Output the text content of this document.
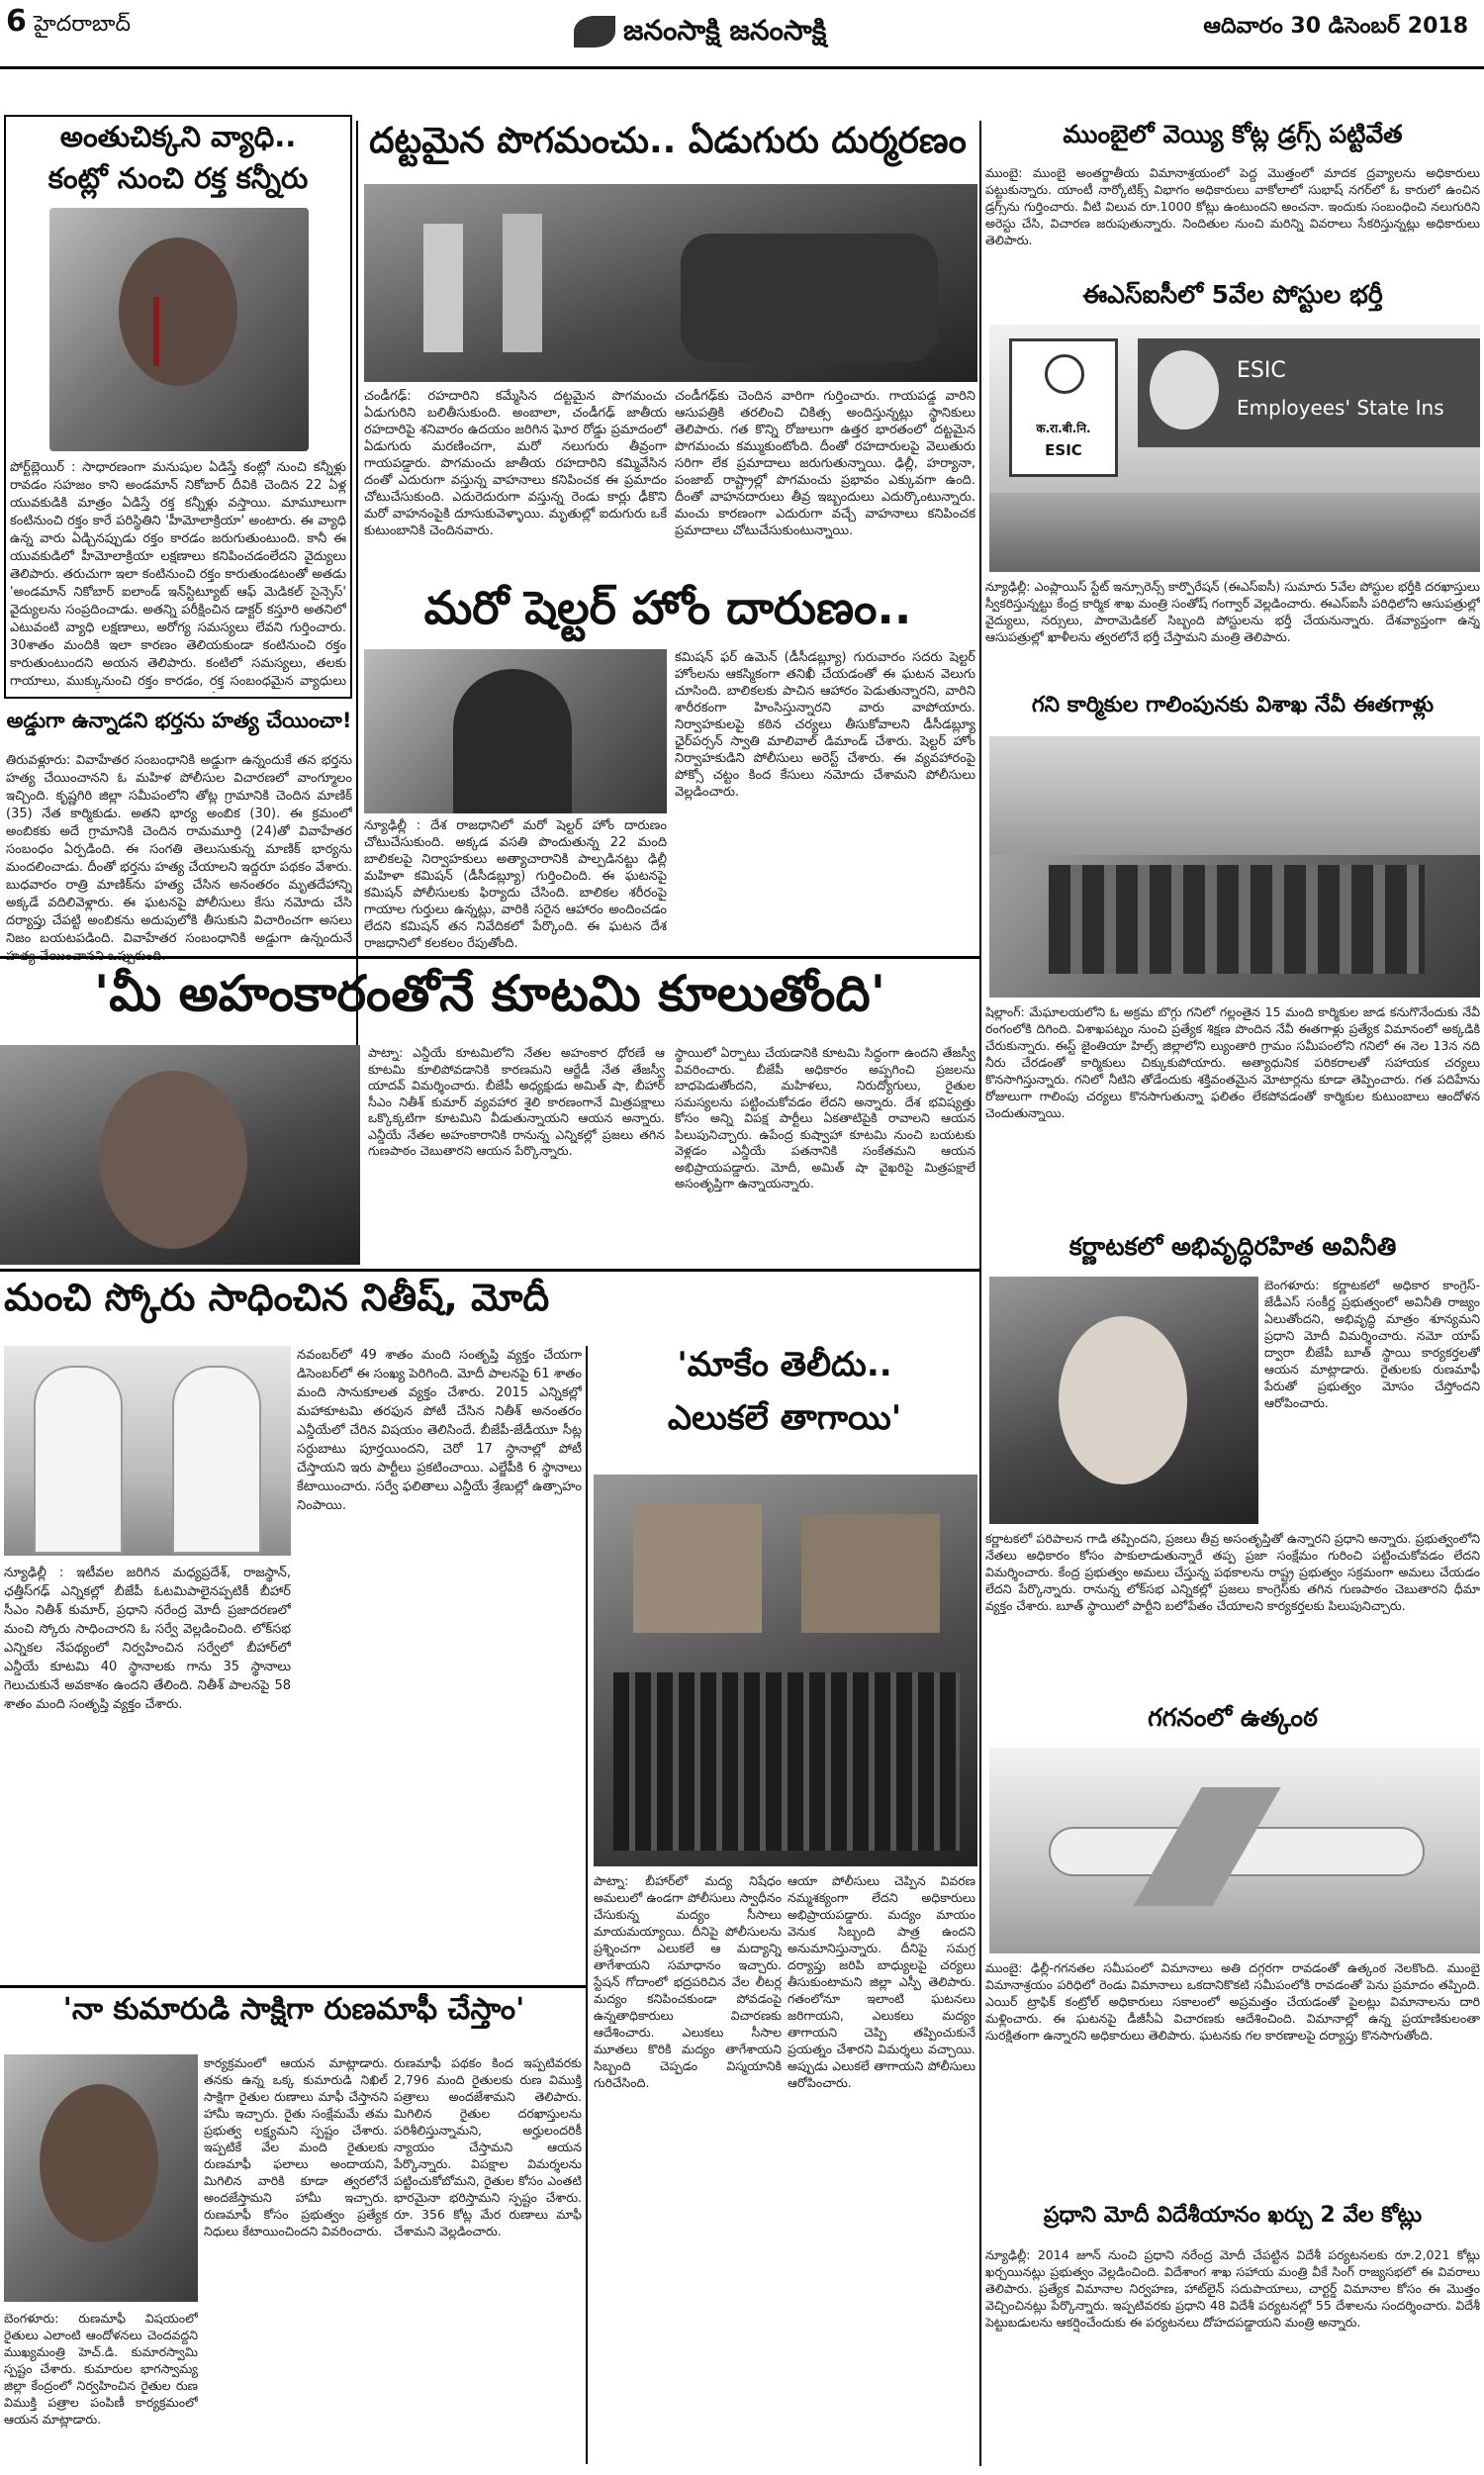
6 హైదరాబాద్	జనంసాక్షి జనంసాక్షి	ఆదివారం 30 డిసెంబర్ 2018
అంతుచిక్కని వ్యాధి..
కంట్లో నుంచి రక్త కన్నీరు
పోర్ట్‌బ్లెయిర్ : సాధారణంగా మనుషుల ఏడిస్తే కంట్లో నుంచి కన్నీళ్లు రావడం సహజం కాని అండమాన్ నికోబార్ దీవికి చెందిన 22 ఏళ్ల యువకుడికి మాత్రం ఏడిస్తే రక్త కన్నీళ్లు వస్తాయి. మామూలుగా కంటినుంచి రక్తం కారే పరిస్థితిని 'హీమోలాక్రియా' అంటారు. ఈ వ్యాధి ఉన్న వారు ఏడ్చినప్పుడు రక్తం కారడం జరుగుతుంటుంది. కానీ ఈ యువకుడిలో హీమోలాక్రియా లక్షణాలు కనిపించడంలేదని వైద్యులు తెలిపారు. తరుచుగా ఇలా కంటినుంచి రక్తం కారుతుండటంతో అతడు 'అండమాన్ నికోబార్ ఐలాండ్ ఇన్‌స్టిట్యూట్ ఆఫ్ మెడికల్ సైన్సెస్' వైద్యులను సంప్రదించాడు. అతన్ని పరీక్షించిన డాక్టర్ కస్తూరి అతనిలో ఎటువంటి వ్యాధి లక్షణాలు, అరోగ్య సమస్యలు లేవని గుర్తించారు. 30శాతం మందికి ఇలా కారణం తెలియకుండా కంటినుంచి రక్తం కారుతుంటుందని అయన తెలిపారు. కంటిలో సమస్యలు, తలకు గాయాలు, ముక్కునుంచి రక్తం కారడం, రక్త సంబంధమైన వ్యాధులు
అడ్డుగా ఉన్నాడని భర్తను హత్య చేయించా!
తిరువళ్లూరు: వివాహేతర సంబంధానికి అడ్డుగా ఉన్నందుకే తన భర్తను హత్య చేయించానని ఓ మహిళ పోలీసుల విచారణలో వాంగ్మూలం ఇచ్చింది. కృష్ణగిరి జిల్లా సమీపంలోని తోట్ల గ్రామానికి చెందిన మాణిక్ (35) నేత కార్మికుడు. అతని భార్య అంబిక (30). ఈ క్రమంలో అంబికకు అదే గ్రామానికి చెందిన రామమూర్తి (24)తో వివాహేతర సంబంధం ఏర్పడింది. ఈ సంగతి తెలుసుకున్న మాణిక్ భార్యను మందలించాడు. దీంతో భర్తను హత్య చేయాలని ఇద్దరూ పథకం వేశారు. బుధవారం రాత్రి మాణిక్‌ను హత్య చేసిన అనంతరం మృతదేహాన్ని అక్కడే వదిలివెళ్లారు. ఈ ఘటనపై పోలీసులు కేసు నమోదు చేసి దర్యాప్తు చేపట్టి అంబికను అదుపులోకి తీసుకుని విచారించగా అసలు నిజం బయటపడింది. వివాహేతర సంబంధానికి అడ్డుగా ఉన్నందునే
దట్టమైన పొగమంచు.. ఏడుగురు దుర్మరణం
చండీగఢ్: రహదారిని కమ్మేసిన దట్టమైన పొగమంచు ఏడుగురిని బలితీసుకుంది. అంబాలా, చండీగఢ్ జాతీయ రహదారిపై శనివారం ఉదయం జరిగిన ఘోర రోడ్డు ప్రమాదంలో ఏడుగురు మరణించగా, మరో నలుగురు తీవ్రంగా గాయపడ్డారు. పొగమంచు జాతీయ రహదారిని కమ్మివేసిన దంతో ఎదురుగా వస్తున్న వాహనాలు కనిపించక ఈ ప్రమాదం చోటుచేసుకుంది. ఎదురెదురుగా వస్తున్న రెండు కార్లు ఢీకొని మరో వాహనంపైకి దూసుకువెళ్ళాయి. మృతుల్లో ఐదుగురు ఒకే కుటుంబానికి చెందినవారు.
చండీగఢ్‌కు చెందిన వారిగా గుర్తించారు. గాయపడ్డ వారిని ఆసుపత్రికి తరలించి చికిత్స అందిస్తున్నట్లు స్థానికులు తెలిపారు. గత కొన్ని రోజులుగా ఉత్తర భారతంలో దట్టమైన పొగమంచు కమ్ముకుంటోంది. దీంతో రహదారులపై వెలుతురు సరిగా లేక ప్రమాదాలు జరుగుతున్నాయి. ఢిల్లీ, హర్యానా, పంజాబ్ రాష్ట్రాల్లో పొగమంచు ప్రభావం ఎక్కువగా ఉంది. దీంతో వాహనదారులు తీవ్ర ఇబ్బందులు ఎదుర్కొంటున్నారు. మంచు కారణంగా ఎదురుగా వచ్చే వాహనాలు కనిపించక ప్రమాదాలు చోటుచేసుకుంటున్నాయి.
మరో షెల్టర్ హోం దారుణం..
న్యూఢిల్లీ : దేశ రాజధానిలో మరో షెల్టర్ హోం దారుణం చోటుచేసుకుంది. అక్కడ వసతి పొందుతున్న 22 మంది బాలికలపై నిర్వాహకులు అత్యాచారానికి పాల్పడినట్టు ఢిల్లీ మహిళా కమిషన్ (డీసీడబ్ల్యూ) గుర్తించింది. ఈ ఘటనపై కమిషన్ పోలీసులకు ఫిర్యాదు చేసింది. బాలికల శరీరంపై గాయాల గుర్తులు ఉన్నట్లు, వారికి సరైన ఆహారం అందించడం లేదని కమిషన్ తన నివేదికలో పేర్కొంది. ఈ ఘటన దేశ రాజధానిలో కలకలం రేపుతోంది.
కమిషన్ ఫర్ ఉమెన్ (డీసీడబ్ల్యూ) గురువారం సదరు షెల్టర్ హోంలను ఆకస్మికంగా తనిఖీ చేయడంతో ఈ ఘటన వెలుగు చూసింది. బాలికలకు పాచిన ఆహారం పెడుతున్నారని, వారిని శారీరకంగా హింసిస్తున్నారని వారు వాపోయారు. నిర్వాహకులపై కఠిన చర్యలు తీసుకోవాలని డీసీడబ్ల్యూ ఛైర్‌పర్సన్ స్వాతి మాలివాల్ డిమాండ్ చేశారు. షెల్టర్ హోం నిర్వాహకుడిని పోలీసులు అరెస్ట్ చేశారు. ఈ వ్యవహారంపై పోక్సో చట్టం కింద కేసులు నమోదు చేశామని పోలీసులు వెల్లడించారు.
'మీ అహంకారంతోనే కూటమి కూలుతోంది'
పాట్నా: ఎన్డీయే కూటమిలోని నేతల అహంకార ధోరణే ఆ కూటమి కూలిపోవడానికి కారణమని ఆర్జేడీ నేత తేజస్వీ యాదవ్ విమర్శించారు. బీజేపీ అధ్యక్షుడు అమిత్ షా, బీహార్ సీఎం నితీశ్ కుమార్ వ్యవహార శైలి కారణంగానే మిత్రపక్షాలు ఒక్కొక్కటిగా కూటమిని వీడుతున్నాయని ఆయన అన్నారు. ఎన్డీయే నేతల అహంకారానికి రానున్న ఎన్నికల్లో ప్రజలు తగిన గుణపాఠం చెబుతారని ఆయన పేర్కొన్నారు.
స్థాయిలో ఏర్పాటు చేయడానికి కూటమి సిద్ధంగా ఉందని తేజస్వీ వివరించారు. బీజేపీ అధికారం అప్పగించి ప్రజలను బాధపెడుతోందని, మహిళలు, నిరుద్యోగులు, రైతుల సమస్యలను పట్టించుకోవడం లేదని అన్నారు. దేశ భవిష్యత్తు కోసం అన్ని విపక్ష పార్టీలు ఏకతాటిపైకి రావాలని ఆయన పిలుపునిచ్చారు. ఉపేంద్ర కుష్వాహా కూటమి నుంచి బయటకు వెళ్లడం ఎన్డీయే పతనానికి సంకేతమని ఆయన అభిప్రాయపడ్డారు. మోదీ, అమిత్ షా వైఖరిపై మిత్రపక్షాలే అసంతృప్తిగా ఉన్నాయన్నారు.
మంచి స్కోరు సాధించిన నితీష్, మోదీ
న్యూఢిల్లీ : ఇటీవల జరిగిన మధ్యప్రదేశ్, రాజస్థాన్, ఛత్తీస్‌గఢ్ ఎన్నికల్లో బీజేపీ ఓటమిపాలైనప్పటికీ బీహార్ సీఎం నితీశ్ కుమార్, ప్రధాని నరేంద్ర మోదీ ప్రజాదరణలో మంచి స్కోరు సాధించారని ఓ సర్వే వెల్లడించింది. లోక్‌సభ ఎన్నికల నేపథ్యంలో నిర్వహించిన సర్వేలో బీహార్‌లో ఎన్డీయే కూటమి 40 స్థానాలకు గాను 35 స్థానాలు గెలుచుకునే అవకాశం ఉందని తేలింది. నితీశ్ పాలనపై 58 శాతం మంది సంతృప్తి వ్యక్తం చేశారు.
నవంబర్‌లో 49 శాతం మంది సంతృప్తి వ్యక్తం చేయగా డిసెంబర్‌లో ఈ సంఖ్య పెరిగింది. మోదీ పాలనపై 61 శాతం మంది సానుకూలత వ్యక్తం చేశారు. 2015 ఎన్నికల్లో మహాకూటమి తరఫున పోటీ చేసిన నితీశ్ అనంతరం ఎన్డీయేలో చేరిన విషయం తెలిసిందే. బీజేపీ-జేడీయూ సీట్ల సర్దుబాటు పూర్తయిందని, చెరో 17 స్థానాల్లో పోటీ చేస్తాయని ఇరు పార్టీలు ప్రకటించాయి. ఎల్జేపీకి 6 స్థానాలు కేటాయించారు. సర్వే ఫలితాలు ఎన్డీయే శ్రేణుల్లో ఉత్సాహం నింపాయి.
'మాకేం తెలీదు..
ఎలుకలే తాగాయి'
పాట్నా: బీహార్‌లో మద్య నిషేధం అమలులో ఉండగా పోలీసులు స్వాధీనం చేసుకున్న మద్యం సీసాలు మాయమయ్యాయి. దీనిపై పోలీసులను ప్రశ్నించగా ఎలుకలే ఆ మద్యాన్ని తాగేశాయని సమాధానం ఇచ్చారు. స్టేషన్ గోదాంలో భద్రపరిచిన వేల లీటర్ల మద్యం కనిపించకుండా పోవడంపై ఉన్నతాధికారులు విచారణకు ఆదేశించారు. ఎలుకలు సీసాల మూతలు కొరికి మద్యం తాగేశాయని సిబ్బంది చెప్పడం విస్మయానికి గురిచేసింది.
ఆయా పోలీసులు చెప్పిన వివరణ నమ్మశక్యంగా లేదని అధికారులు అభిప్రాయపడ్డారు. మద్యం మాయం వెనుక సిబ్బంది పాత్ర ఉందని అనుమానిస్తున్నారు. దీనిపై సమగ్ర దర్యాప్తు జరిపి బాధ్యులపై చర్యలు తీసుకుంటామని జిల్లా ఎస్పీ తెలిపారు. గతంలోనూ ఇలాంటి ఘటనలు జరిగాయని, ఎలుకలు మద్యం తాగాయని చెప్పి తప్పించుకునే ప్రయత్నం చేశారని విమర్శలు వచ్చాయి. అప్పుడు ఎలుకలే తాగాయని పోలీసులు ఆరోపించారు.
'నా కుమారుడి సాక్షిగా రుణమాఫీ చేస్తాం'
బెంగళూరు: రుణమాఫీ విషయంలో రైతులు ఎలాంటి ఆందోళనలు చెందవద్దని ముఖ్యమంత్రి హెచ్.డి. కుమారస్వామి స్పష్టం చేశారు. కుమారుల భాగస్వామ్య జిల్లా కేంద్రంలో నిర్వహించిన రైతుల రుణ విముక్తి పత్రాల పంపిణీ కార్యక్రమంలో ఆయన మాట్లాడారు.
కార్యక్రమంలో ఆయన మాట్లాడారు. తనకు ఉన్న ఒక్క కుమారుడి నిఖిల్ సాక్షిగా రైతుల రుణాలు మాఫీ చేస్తానని హామీ ఇచ్చారు. రైతు సంక్షేమమే తమ ప్రభుత్వ లక్ష్యమని స్పష్టం చేశారు. ఇప్పటికే వేల మంది రైతులకు రుణమాఫీ ఫలాలు అందాయని, మిగిలిన వారికి కూడా త్వరలోనే అందజేస్తామని హామీ ఇచ్చారు. రుణమాఫీ కోసం ప్రభుత్వం ప్రత్యేక నిధులు కేటాయించిందని వివరించారు.
రుణమాఫీ పథకం కింద ఇప్పటివరకు 2,796 మంది రైతులకు రుణ విముక్తి పత్రాలు అందజేశామని తెలిపారు. మిగిలిన రైతుల దరఖాస్తులను పరిశీలిస్తున్నామని, అర్హులందరికీ న్యాయం చేస్తామని ఆయన పేర్కొన్నారు. విపక్షాల విమర్శలను పట్టించుకోబోమని, రైతుల కోసం ఎంతటి భారమైనా భరిస్తామని స్పష్టం చేశారు. రూ. 356 కోట్ల మేర రుణాలు మాఫీ చేశామని వెల్లడించారు.
ముంబైలో వెయ్యి కోట్ల డ్రగ్స్ పట్టివేత
ముంబై: ముంబై అంతర్జాతీయ విమానాశ్రయంలో పెద్ద మొత్తంలో మాదక ద్రవ్యాలను అధికారులు పట్టుకున్నారు. యాంటీ నార్కోటిక్స్ విభాగం అధికారులు వాకోలాలో సుభాష్ నగర్‌లో ఓ కారులో ఉంచిన డ్రగ్స్‌ను గుర్తించారు. వీటి విలువ రూ.1000 కోట్లు ఉంటుందని అంచనా. ఇందుకు సంబంధించి నలుగురిని అరెస్టు చేసి, విచారణ జరుపుతున్నారు. నిందితుల నుంచి మరిన్ని వివరాలు సేకరిస్తున్నట్లు అధికారులు తెలిపారు.
ఈఎస్‌ఐసీలో 5వేల పోస్టుల భర్తీ
क.रा.बी.नि.
ESIC
ESIC
Employees' State Ins
న్యూఢిల్లీ: ఎంప్లాయిస్ స్టేట్ ఇన్సూరెన్స్ కార్పొరేషన్ (ఈఎస్ఐసీ) సుమారు 5వేల పోస్టుల భర్తీకి దరఖాస్తులు స్వీకరిస్తున్నట్టు కేంద్ర కార్మిక శాఖ మంత్రి సంతోష్ గంగ్వార్ వెల్లడించారు. ఈఎస్‌ఐసీ పరిధిలోని ఆసుపత్రుల్లో వైద్యులు, నర్సులు, పారామెడికల్ సిబ్బంది పోస్టులను భర్తీ చేయనున్నారు. దేశవ్యాప్తంగా ఉన్న ఆసుపత్రుల్లో ఖాళీలను త్వరలోనే భర్తీ చేస్తామని మంత్రి తెలిపారు.
గని కార్మికుల గాలింపునకు విశాఖ నేవీ ఈతగాళ్లు
షిల్లాంగ్: మేఘాలయలోని ఓ అక్రమ బొగ్గు గనిలో గల్లంతైన 15 మంది కార్మికుల జాడ కనుగొనేందుకు నేవీ రంగంలోకి దిగింది. విశాఖపట్నం నుంచి ప్రత్యేక శిక్షణ పొందిన నేవీ ఈతగాళ్లు ప్రత్యేక విమానంలో అక్కడికి చేరుకున్నారు. ఈస్ట్ జైంతియా హిల్స్ జిల్లాలోని ల్యుంతారి గ్రామం సమీపంలోని గనిలో ఈ నెల 13న నది నీరు చేరడంతో కార్మికులు చిక్కుకుపోయారు. అత్యాధునిక పరికరాలతో సహాయక చర్యలు కొనసాగిస్తున్నారు. గనిలో నీటిని తోడేందుకు శక్తివంతమైన మోటార్లను కూడా తెప్పించారు. గత పదిహేను రోజులుగా గాలింపు చర్యలు కొనసాగుతున్నా ఫలితం లేకపోవడంతో కార్మికుల కుటుంబాలు ఆందోళన చెందుతున్నాయి.
కర్ణాటకలో అభివృద్ధిరహిత అవినీతి
బెంగళూరు: కర్ణాటకలో అధికార కాంగ్రెస్-జేడీఎస్ సంకీర్ణ ప్రభుత్వంలో అవినీతి రాజ్యం ఏలుతోందని, అభివృద్ధి మాత్రం శూన్యమని ప్రధాని మోదీ విమర్శించారు. నమో యాప్ ద్వారా బీజేపీ బూత్ స్థాయి కార్యకర్తలతో ఆయన మాట్లాడారు. రైతులకు రుణమాఫీ పేరుతో ప్రభుత్వం మోసం చేస్తోందని ఆరోపించారు.
కర్ణాటకలో పరిపాలన గాడి తప్పిందని, ప్రజలు తీవ్ర అసంతృప్తితో ఉన్నారని ప్రధాని అన్నారు. ప్రభుత్వంలోని నేతలు అధికారం కోసం పాకులాడుతున్నారే తప్ప ప్రజా సంక్షేమం గురించి పట్టించుకోవడం లేదని విమర్శించారు. కేంద్ర ప్రభుత్వం అమలు చేస్తున్న పథకాలను రాష్ట్ర ప్రభుత్వం సక్రమంగా అమలు చేయడం లేదని పేర్కొన్నారు. రానున్న లోక్‌సభ ఎన్నికల్లో ప్రజలు కాంగ్రెస్‌కు తగిన గుణపాఠం చెబుతారని ధీమా వ్యక్తం చేశారు. బూత్ స్థాయిలో పార్టీని బలోపేతం చేయాలని కార్యకర్తలకు పిలుపునిచ్చారు.
గగనంలో ఉత్కంఠ
ముంబై: ఢిల్లీ-గగనతల సమీపంలో విమానాలు అతి దగ్గరగా రావడంతో ఉత్కంఠ నెలకొంది. ముంబై విమానాశ్రయం పరిధిలో రెండు విమానాలు ఒకదానికొకటి సమీపంలోకి రావడంతో పెను ప్రమాదం తప్పింది. ఎయిర్ ట్రాఫిక్ కంట్రోల్ అధికారులు సకాలంలో అప్రమత్తం చేయడంతో పైలట్లు విమానాలను దారి మళ్లించారు. ఈ ఘటనపై డీజీసీఏ విచారణకు ఆదేశించింది. విమానాల్లో ఉన్న ప్రయాణికులంతా సురక్షితంగా ఉన్నారని అధికారులు తెలిపారు. ఘటనకు గల కారణాలపై దర్యాప్తు కొనసాగుతోంది.
ప్రధాని మోదీ విదేశీయానం ఖర్చు 2 వేల కోట్లు
న్యూఢిల్లీ: 2014 జూన్ నుంచి ప్రధాని నరేంద్ర మోదీ చేపట్టిన విదేశీ పర్యటనలకు రూ.2,021 కోట్లు ఖర్చయినట్లు ప్రభుత్వం వెల్లడించింది. విదేశాంగ శాఖ సహాయ మంత్రి వీకే సింగ్ రాజ్యసభలో ఈ వివరాలు తెలిపారు. ప్రత్యేక విమానాల నిర్వహణ, హాట్‌లైన్ సదుపాయాలు, చార్టర్డ్ విమానాల కోసం ఈ మొత్తం వెచ్చించినట్లు పేర్కొన్నారు. ఇప్పటివరకు ప్రధాని 48 విదేశీ పర్యటనల్లో 55 దేశాలను సందర్శించారు. విదేశీ పెట్టుబడులను ఆకర్షించేందుకు ఈ పర్యటనలు దోహదపడ్డాయని మంత్రి అన్నారు.
